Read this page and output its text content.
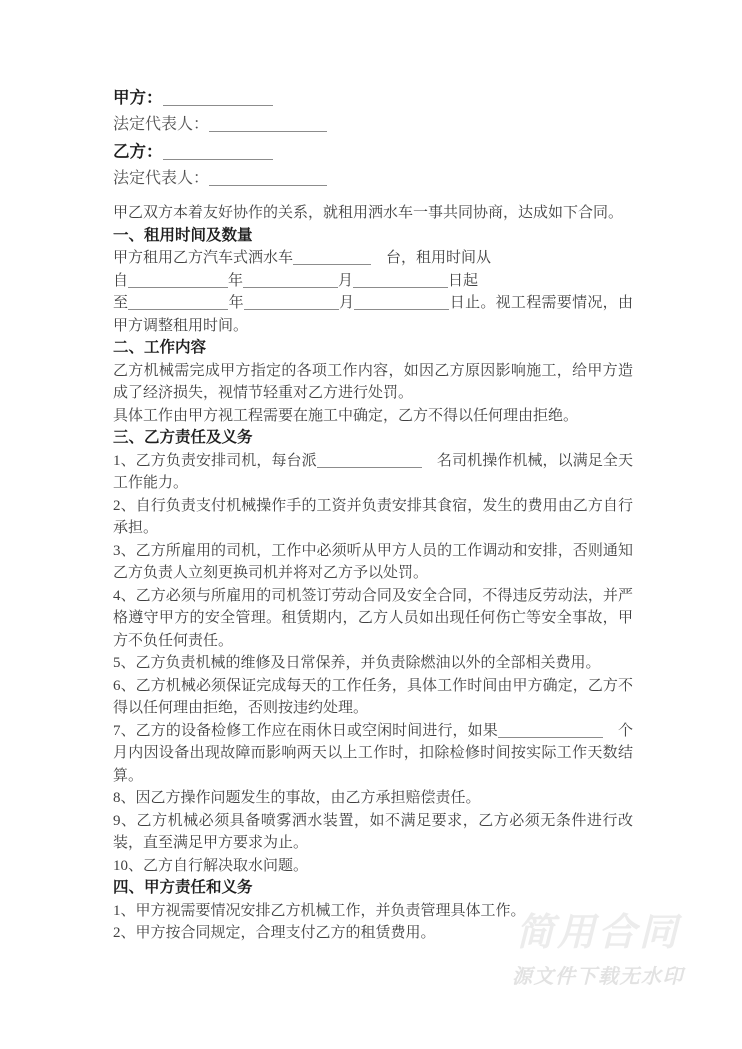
甲方：
法定代表人：
乙方：
法定代表人：

甲乙双方本着友好协作的关系，就租用洒水车一事共同协商，达成如下合同。

一、租用时间及数量

甲方租用乙方汽车式洒水车	　台，租用时间从

自	年	月	日起

至	年	月	日止。视工程需要情况，由甲方调整租用时间。

二、工作内容

乙方机械需完成甲方指定的各项工作内容，如因乙方原因影响施工，给甲方造成了经济损失，视情节轻重对乙方进行处罚。

具体工作由甲方视工程需要在施工中确定，乙方不得以任何理由拒绝。

三、乙方责任及义务

1、乙方负责安排司机，每台派	　名司机操作机械，以满足全天工作能力。

2、自行负责支付机械操作手的工资并负责安排其食宿，发生的费用由乙方自行承担。

3、乙方所雇用的司机，工作中必须听从甲方人员的工作调动和安排，否则通知乙方负责人立刻更换司机并将对乙方予以处罚。

4、乙方必须与所雇用的司机签订劳动合同及安全合同，不得违反劳动法，并严格遵守甲方的安全管理。租赁期内，乙方人员如出现任何伤亡等安全事故，甲方不负任何责任。

5、乙方负责机械的维修及日常保养，并负责除燃油以外的全部相关费用。

6、乙方机械必须保证完成每天的工作任务，具体工作时间由甲方确定，乙方不得以任何理由拒绝，否则按违约处理。

7、乙方的设备检修工作应在雨休日或空闲时间进行，如果	　个月内因设备出现故障而影响两天以上工作时，扣除检修时间按实际工作天数结算。

8、因乙方操作问题发生的事故，由乙方承担赔偿责任。

9、乙方机械必须具备喷雾洒水装置，如不满足要求，乙方必须无条件进行改装，直至满足甲方要求为止。

10、乙方自行解决取水问题。

四、甲方责任和义务

1、甲方视需要情况安排乙方机械工作，并负责管理具体工作。

2、甲方按合同规定，合理支付乙方的租赁费用。	简用合同
源文件下载无水印
